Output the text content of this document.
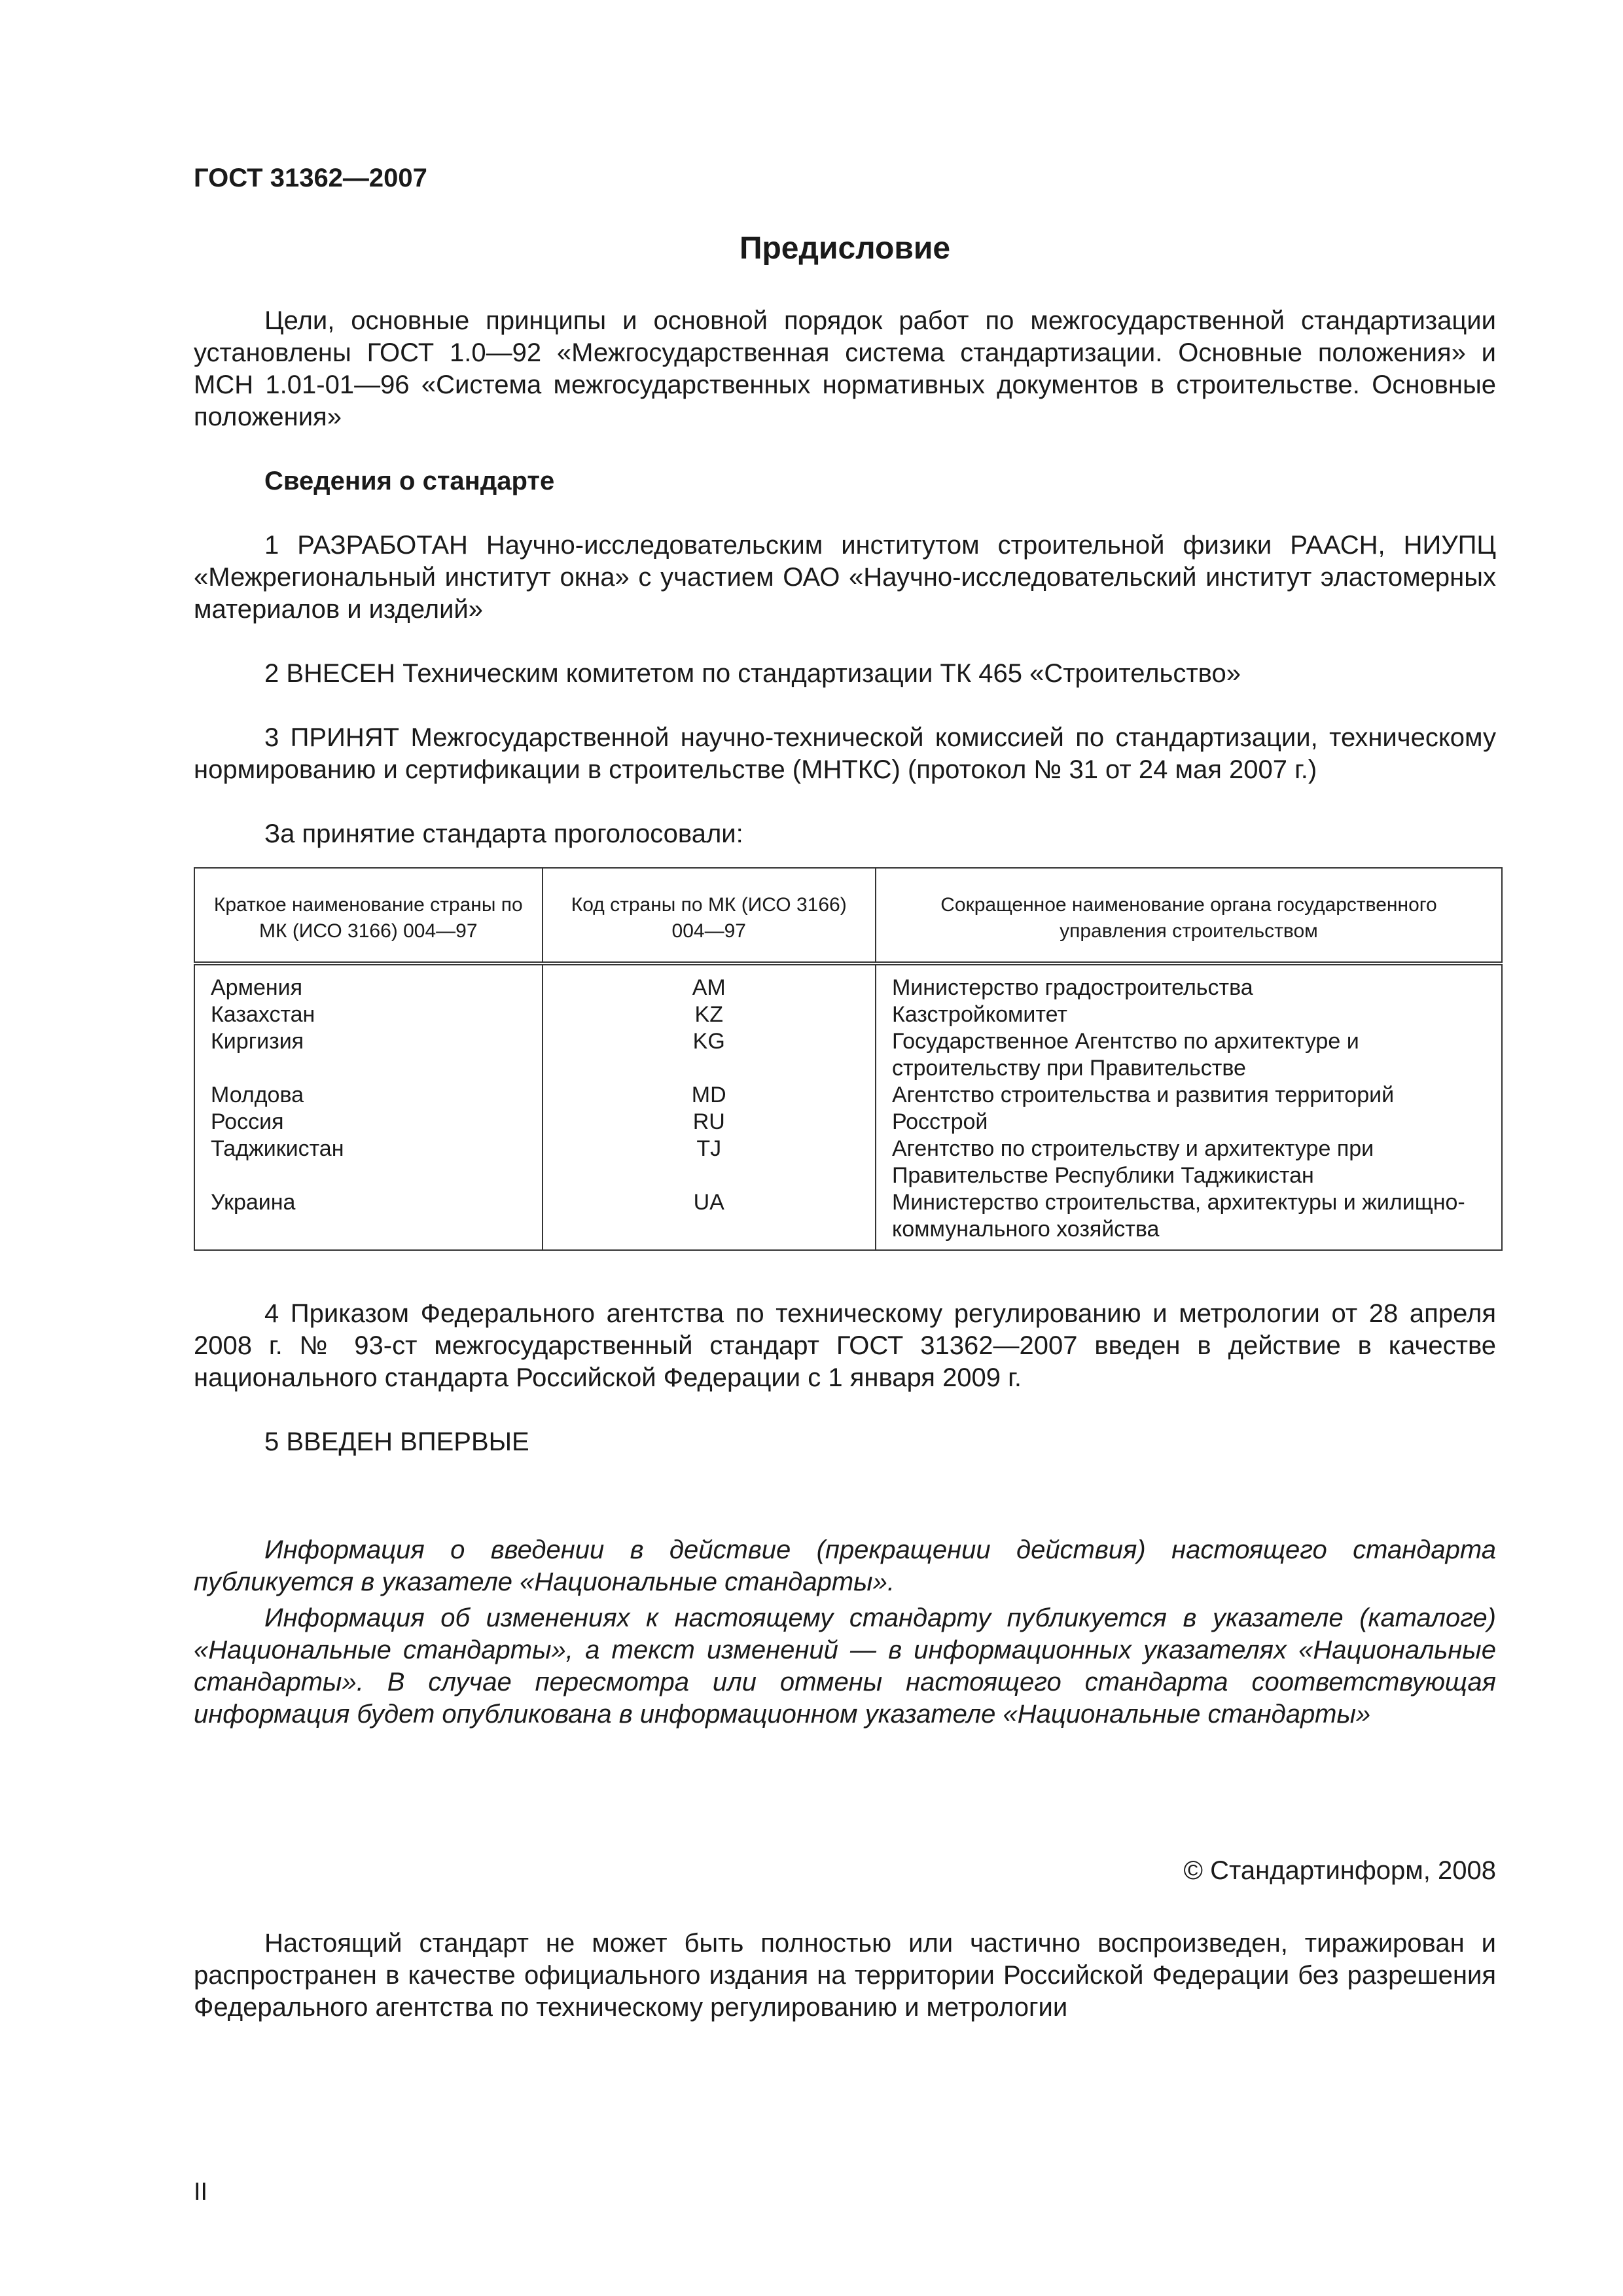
ГОСТ 31362—2007
Предисловие

Цели, основные принципы и основной порядок работ по межгосударственной стандартизации установлены ГОСТ 1.0—92 «Межгосударственная система стандартизации. Основные положения» и МСН 1.01-01—96 «Система межгосударственных нормативных документов в строительстве. Основные положения»

Сведения о стандарте

1 РАЗРАБОТАН Научно-исследовательским институтом строительной физики РААСН, НИУПЦ «Межрегиональный институт окна» с участием ОАО «Научно-исследовательский институт эластомерных материалов и изделий»

2 ВНЕСЕН Техническим комитетом по стандартизации ТК 465 «Строительство»

3 ПРИНЯТ Межгосударственной научно-технической комиссией по стандартизации, техническому нормированию и сертификации в строительстве (МНТКС) (протокол № 31 от 24 мая 2007 г.)

За принятие стандарта проголосовали:

Краткое наименование страны по МК (ИСО 3166) 004—97	Код страны по МК (ИСО 3166) 004—97	Сокращенное наименование органа государственного управления строительством
Армения	AM	Министерство градостроительства
Казахстан	KZ	Казстройкомитет
Киргизия	KG	Государственное Агентство по архитектуре и строительству при Правительстве
Молдова	MD	Агентство строительства и развития территорий
Россия	RU	Росстрой
Таджикистан	TJ	Агентство по строительству и архитектуре при Правительстве Республики Таджикистан
Украина	UA	Министерство строительства, архитектуры и жилищно-коммунального хозяйства

4 Приказом Федерального агентства по техническому регулированию и метрологии от 28 апреля 2008 г. № 93-ст межгосударственный стандарт ГОСТ 31362—2007 введен в действие в качестве национального стандарта Российской Федерации с 1 января 2009 г.

5 ВВЕДЕН ВПЕРВЫЕ

Информация о введении в действие (прекращении действия) настоящего стандарта публикуется в указателе «Национальные стандарты».

Информация об изменениях к настоящему стандарту публикуется в указателе (каталоге) «Национальные стандарты», а текст изменений — в информационных указателях «Национальные стандарты». В случае пересмотра или отмены настоящего стандарта соответствующая информация будет опубликована в информационном указателе «Национальные стандарты»

© Стандартинформ, 2008

Настоящий стандарт не может быть полностью или частично воспроизведен, тиражирован и распространен в качестве официального издания на территории Российской Федерации без разрешения Федерального агентства по техническому регулированию и метрологии

II
